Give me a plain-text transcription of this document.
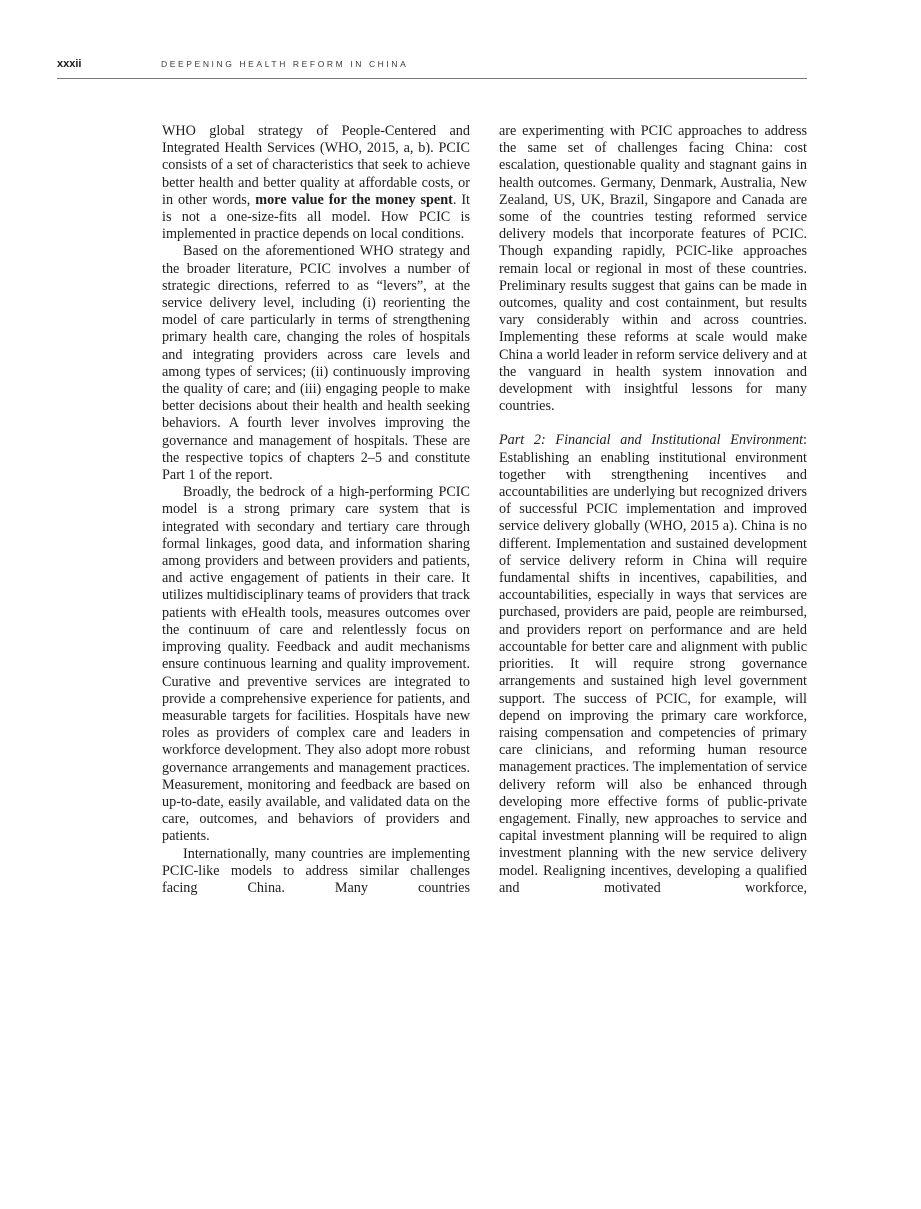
xxxii	DEEPENING HEALTH REFORM IN CHINA

WHO global strategy of People-Centered and Integrated Health Services (WHO, 2015, a, b). PCIC consists of a set of characteristics that seek to achieve better health and better quality at affordable costs, or in other words, more value for the money spent. It is not a one-size-fits all model. How PCIC is implemented in practice depends on local conditions.

Based on the aforementioned WHO strategy and the broader literature, PCIC involves a number of strategic directions, referred to as “levers”, at the service delivery level, including (i) reorienting the model of care particularly in terms of strengthening primary health care, changing the roles of hospitals and integrating providers across care levels and among types of services; (ii) continuously improving the quality of care; and (iii) engaging people to make better decisions about their health and health seeking behaviors. A fourth lever involves improving the governance and management of hospitals. These are the respective topics of chapters 2–5 and constitute Part 1 of the report.

Broadly, the bedrock of a high-performing PCIC model is a strong primary care system that is integrated with secondary and tertiary care through formal linkages, good data, and information sharing among providers and between providers and patients, and active engagement of patients in their care. It utilizes multidisciplinary teams of providers that track patients with eHealth tools, measures outcomes over the continuum of care and relentlessly focus on improving quality. Feedback and audit mechanisms ensure continuous learning and quality improvement. Curative and preventive services are integrated to provide a comprehensive experience for patients, and measurable targets for facilities. Hospitals have new roles as providers of complex care and leaders in workforce development. They also adopt more robust governance arrangements and management practices. Measurement, monitoring and feedback are based on up-to-date, easily available, and validated data on the care, outcomes, and behaviors of providers and patients.

Internationally, many countries are implementing PCIC-like models to address similar challenges facing China. Many countries

are experimenting with PCIC approaches to address the same set of challenges facing China: cost escalation, questionable quality and stagnant gains in health outcomes. Germany, Denmark, Australia, New Zealand, US, UK, Brazil, Singapore and Canada are some of the countries testing reformed service delivery models that incorporate features of PCIC. Though expanding rapidly, PCIC-like approaches remain local or regional in most of these countries. Preliminary results suggest that gains can be made in outcomes, quality and cost containment, but results vary considerably within and across countries. Implementing these reforms at scale would make China a world leader in reform service delivery and at the vanguard in health system innovation and development with insightful lessons for many countries.

Part 2: Financial and Institutional Environment: Establishing an enabling institutional environment together with strengthening incentives and accountabilities are underlying but recognized drivers of successful PCIC implementation and improved service delivery globally (WHO, 2015 a). China is no different. Implementation and sustained development of service delivery reform in China will require fundamental shifts in incentives, capabilities, and accountabilities, especially in ways that services are purchased, providers are paid, people are reimbursed, and providers report on performance and are held accountable for better care and alignment with public priorities. It will require strong governance arrangements and sustained high level government support. The success of PCIC, for example, will depend on improving the primary care workforce, raising compensation and competencies of primary care clinicians, and reforming human resource management practices. The implementation of service delivery reform will also be enhanced through developing more effective forms of public-private engagement. Finally, new approaches to service and capital investment planning will be required to align investment planning with the new service delivery model. Realigning incentives, developing a qualified and motivated workforce,
